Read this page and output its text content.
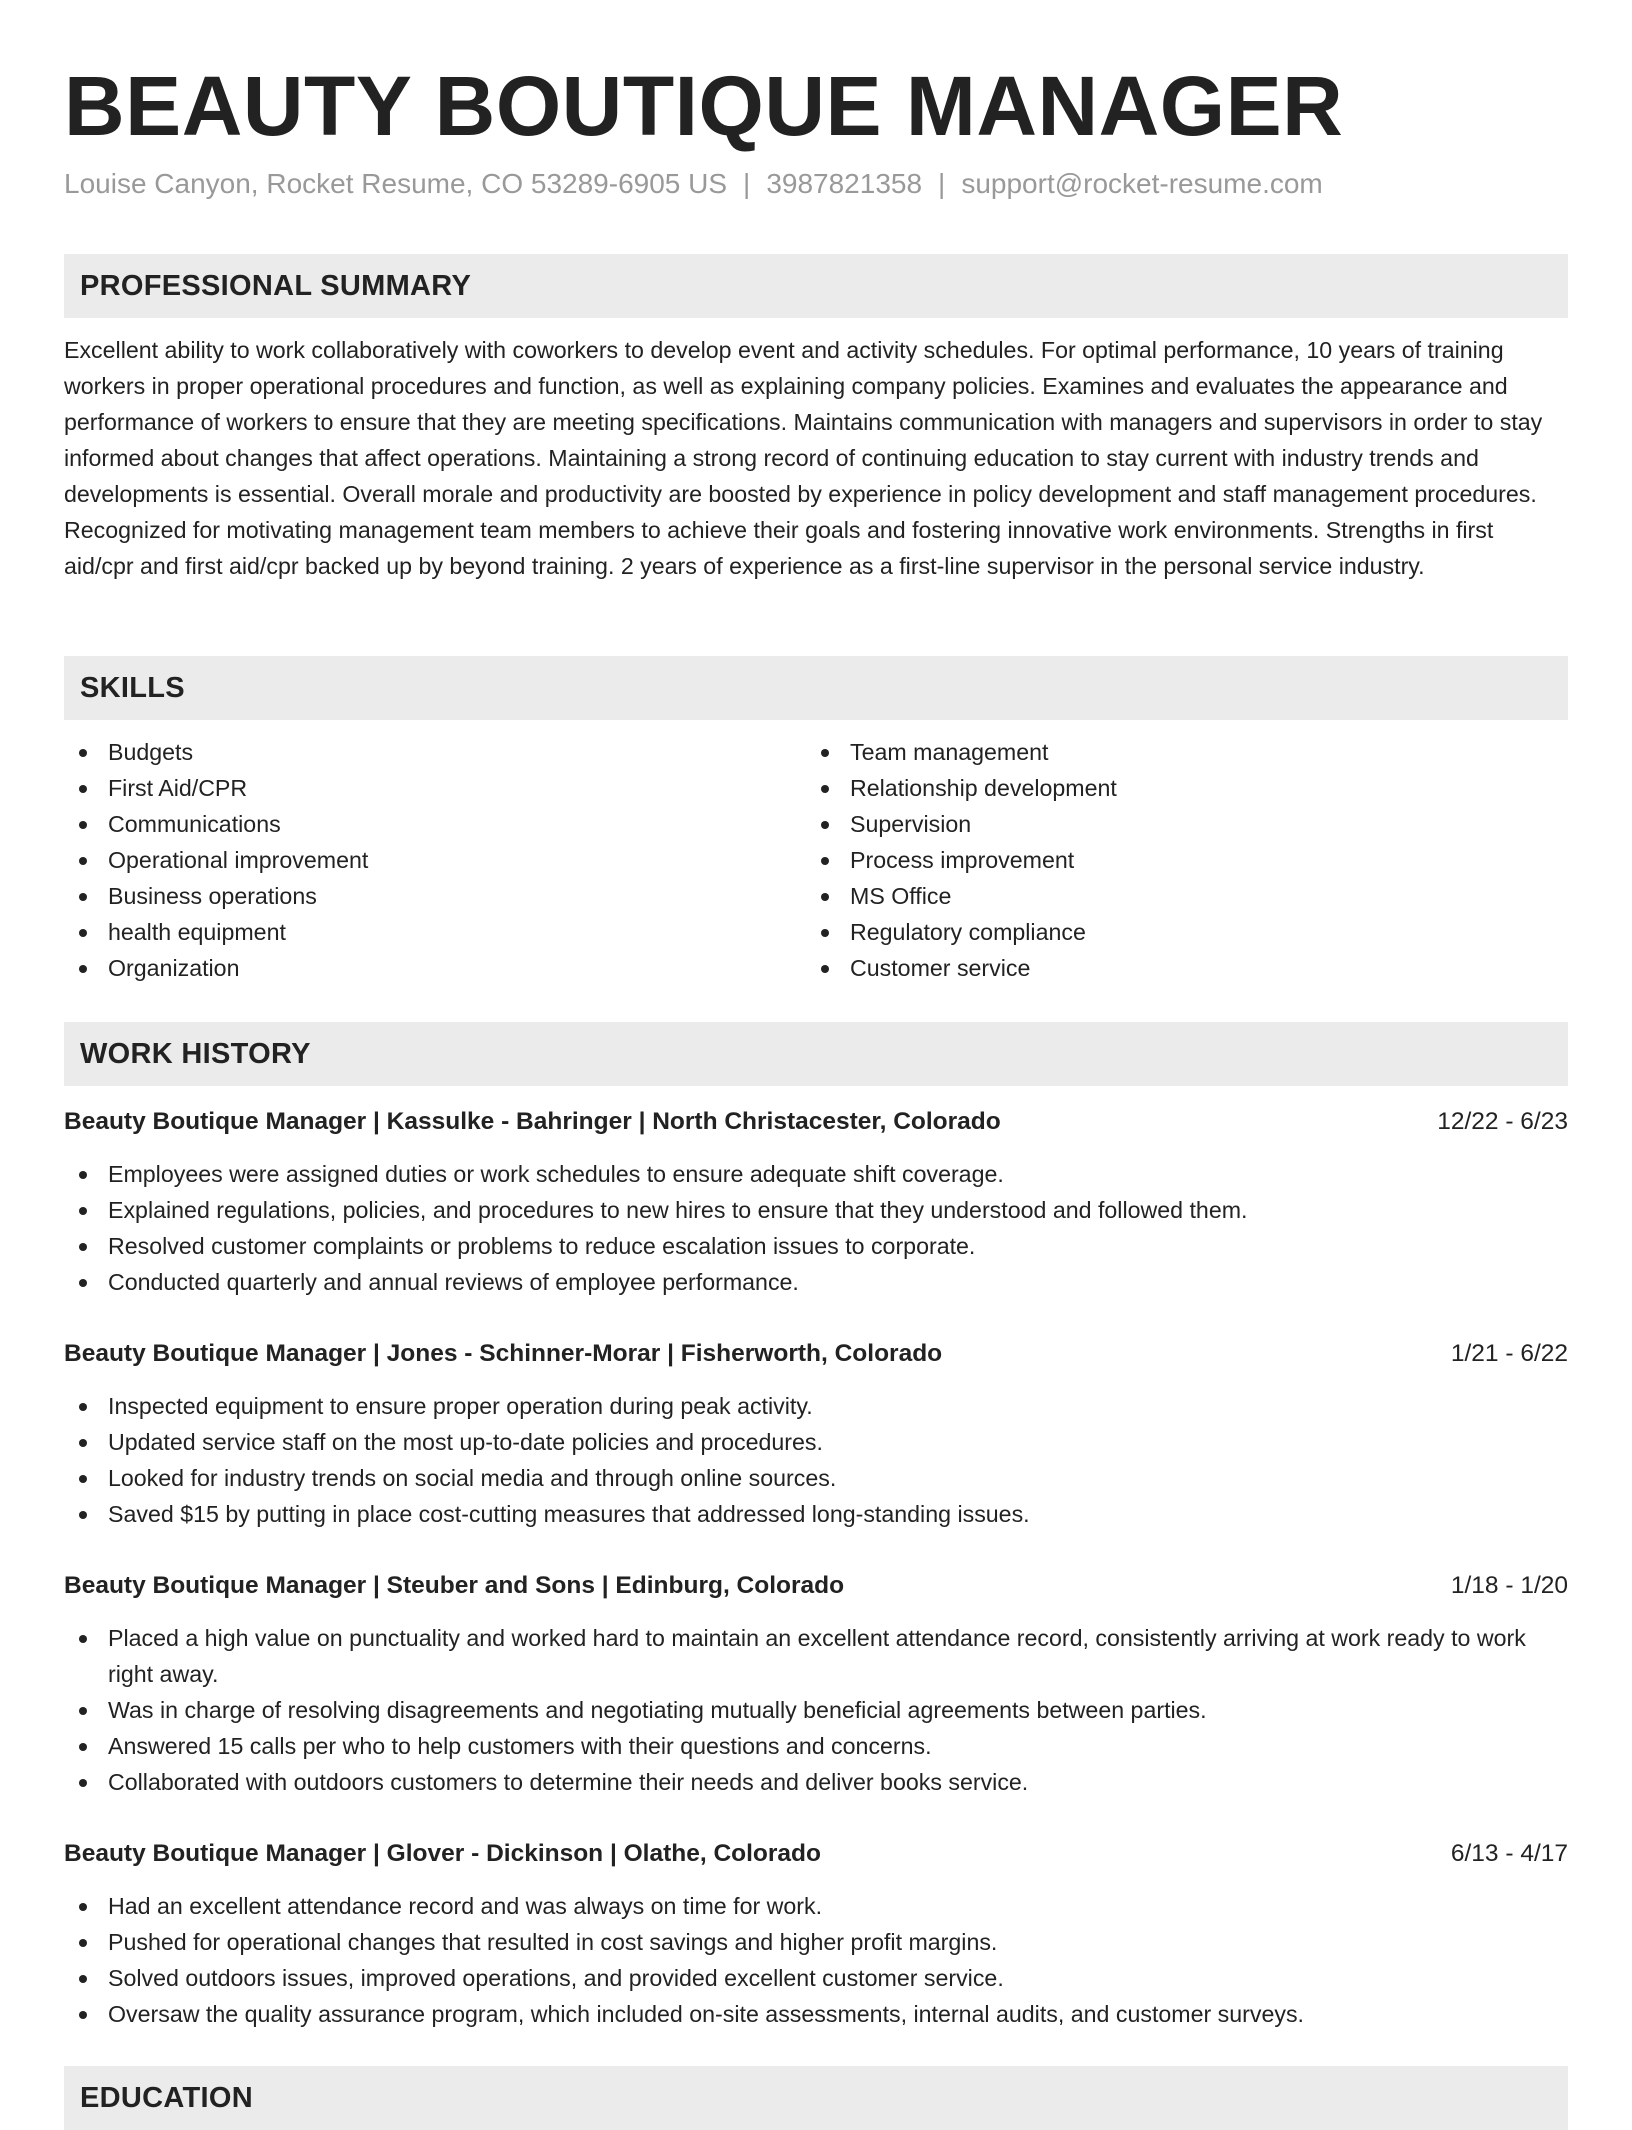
BEAUTY BOUTIQUE MANAGER
Louise Canyon, Rocket Resume, CO 53289-6905 US | 3987821358 | support@rocket-resume.com
PROFESSIONAL SUMMARY
Excellent ability to work collaboratively with coworkers to develop event and activity schedules. For optimal performance, 10 years of training workers in proper operational procedures and function, as well as explaining company policies. Examines and evaluates the appearance and performance of workers to ensure that they are meeting specifications. Maintains communication with managers and supervisors in order to stay informed about changes that affect operations. Maintaining a strong record of continuing education to stay current with industry trends and developments is essential. Overall morale and productivity are boosted by experience in policy development and staff management procedures. Recognized for motivating management team members to achieve their goals and fostering innovative work environments. Strengths in first aid/cpr and first aid/cpr backed up by beyond training. 2 years of experience as a first-line supervisor in the personal service industry.
SKILLS
Budgets
First Aid/CPR
Communications
Operational improvement
Business operations
health equipment
Organization
Team management
Relationship development
Supervision
Process improvement
MS Office
Regulatory compliance
Customer service
WORK HISTORY
Beauty Boutique Manager | Kassulke - Bahringer | North Christacester, Colorado	12/22 - 6/23
Employees were assigned duties or work schedules to ensure adequate shift coverage.
Explained regulations, policies, and procedures to new hires to ensure that they understood and followed them.
Resolved customer complaints or problems to reduce escalation issues to corporate.
Conducted quarterly and annual reviews of employee performance.
Beauty Boutique Manager | Jones - Schinner-Morar | Fisherworth, Colorado	1/21 - 6/22
Inspected equipment to ensure proper operation during peak activity.
Updated service staff on the most up-to-date policies and procedures.
Looked for industry trends on social media and through online sources.
Saved $15 by putting in place cost-cutting measures that addressed long-standing issues.
Beauty Boutique Manager | Steuber and Sons | Edinburg, Colorado	1/18 - 1/20
Placed a high value on punctuality and worked hard to maintain an excellent attendance record, consistently arriving at work ready to work right away.
Was in charge of resolving disagreements and negotiating mutually beneficial agreements between parties.
Answered 15 calls per who to help customers with their questions and concerns.
Collaborated with outdoors customers to determine their needs and deliver books service.
Beauty Boutique Manager | Glover - Dickinson | Olathe, Colorado	6/13 - 4/17
Had an excellent attendance record and was always on time for work.
Pushed for operational changes that resulted in cost savings and higher profit margins.
Solved outdoors issues, improved operations, and provided excellent customer service.
Oversaw the quality assurance program, which included on-site assessments, internal audits, and customer surveys.
EDUCATION
